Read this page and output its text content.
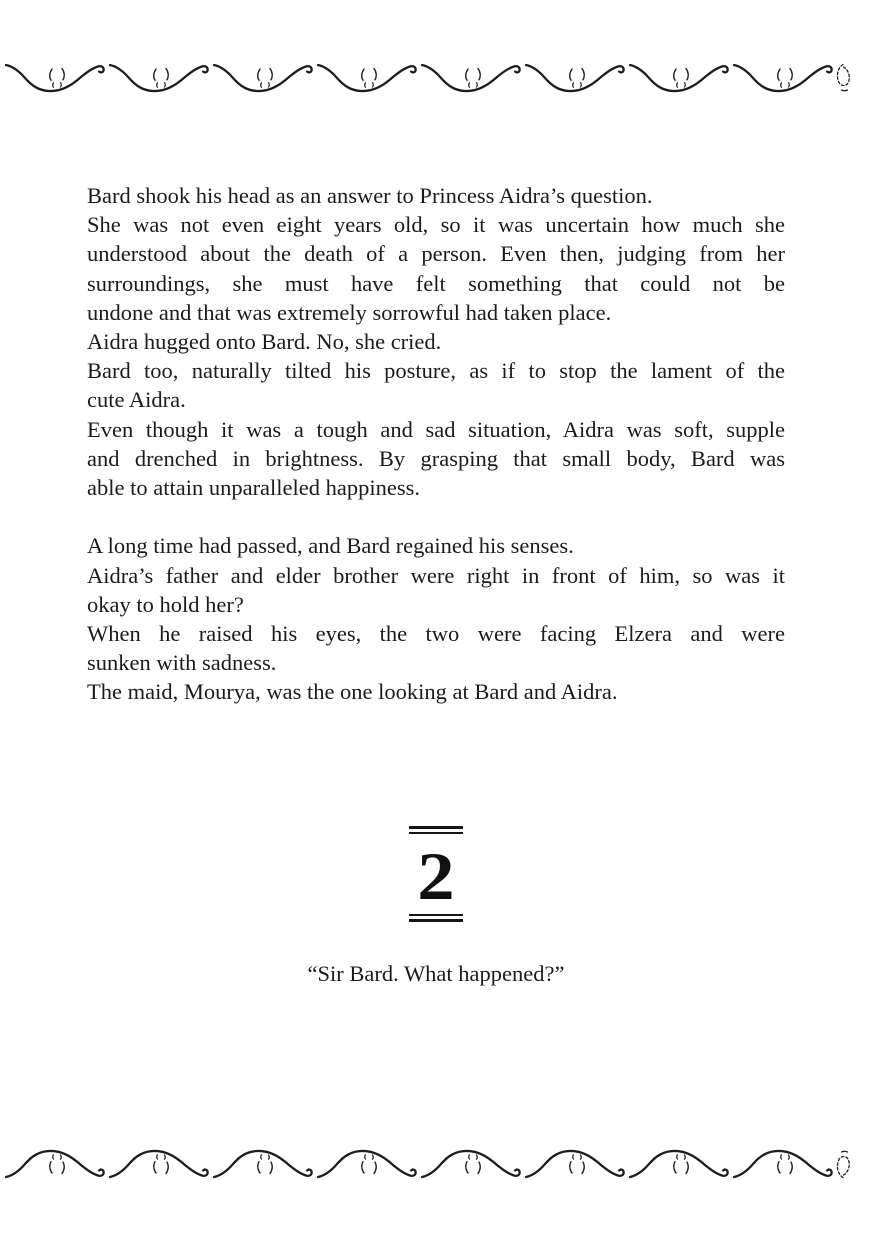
Bard shook his head as an answer to Princess Aidra’s question.
She was not even eight years old, so it was uncertain how much she
understood about the death of a person. Even then, judging from her
surroundings, she must have felt something that could not be
undone and that was extremely sorrowful had taken place.
Aidra hugged onto Bard. No, she cried.
Bard too, naturally tilted his posture, as if to stop the lament of the
cute Aidra.
Even though it was a tough and sad situation, Aidra was soft, supple
and drenched in brightness. By grasping that small body, Bard was
able to attain unparalleled happiness.
A long time had passed, and Bard regained his senses.
Aidra’s father and elder brother were right in front of him, so was it
okay to hold her?
When he raised his eyes, the two were facing Elzera and were
sunken with sadness.
The maid, Mourya, was the one looking at Bard and Aidra.
2
“Sir Bard. What happened?”
